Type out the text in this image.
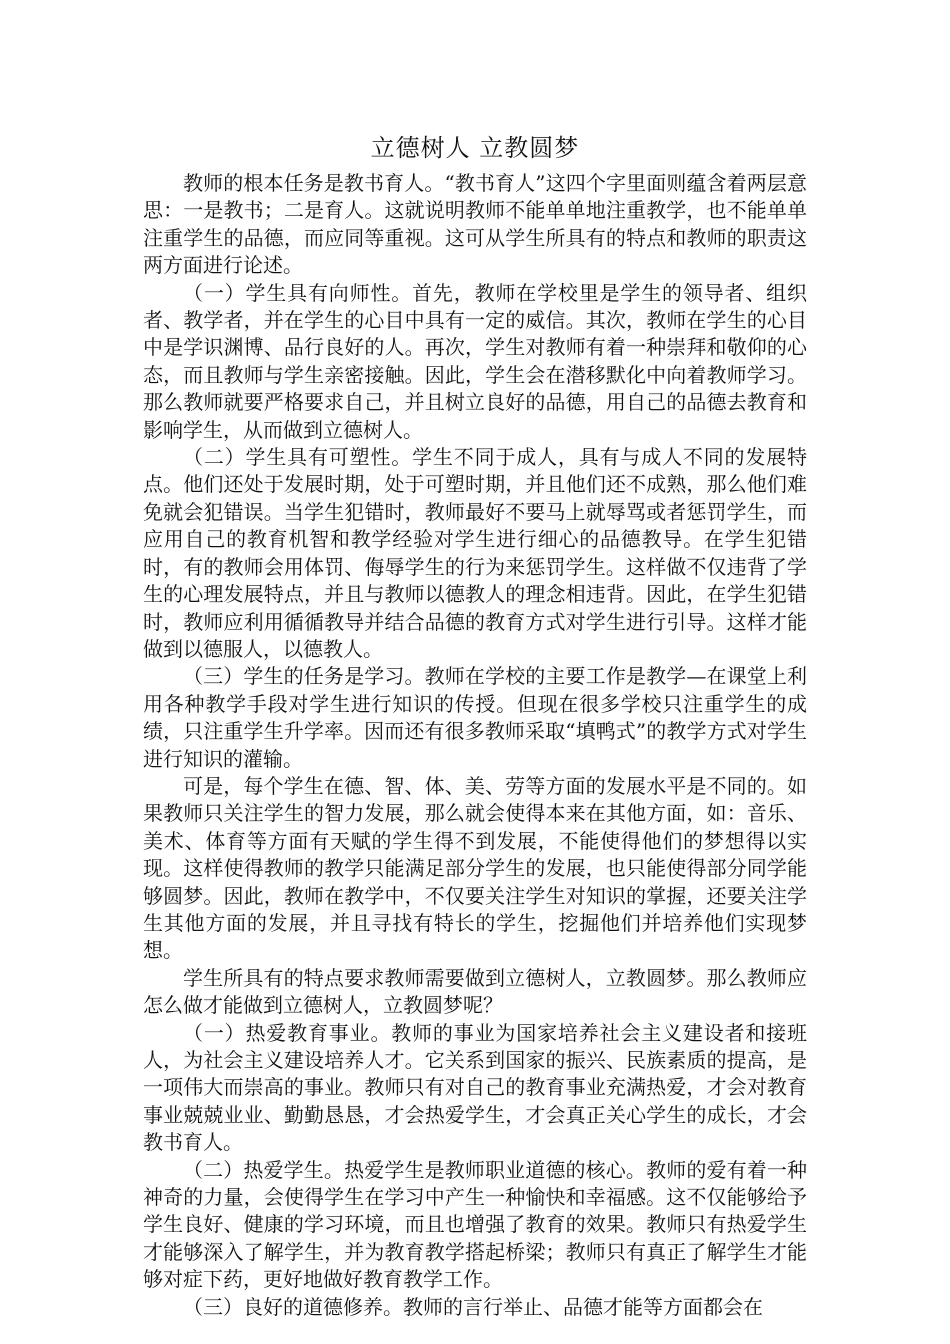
立德树人 立教圆梦

教师的根本任务是教书育人。“教书育人”这四个字里面则蕴含着两层意思：一是教书；二是育人。这就说明教师不能单单地注重教学，也不能单单注重学生的品德，而应同等重视。这可从学生所具有的特点和教师的职责这两方面进行论述。

（一）学生具有向师性。首先，教师在学校里是学生的领导者、组织者、教学者，并在学生的心目中具有一定的威信。其次，教师在学生的心目中是学识渊博、品行良好的人。再次，学生对教师有着一种崇拜和敬仰的心态，而且教师与学生亲密接触。因此，学生会在潜移默化中向着教师学习。那么教师就要严格要求自己，并且树立良好的品德，用自己的品德去教育和影响学生，从而做到立德树人。

（二）学生具有可塑性。学生不同于成人，具有与成人不同的发展特点。他们还处于发展时期，处于可塑时期，并且他们还不成熟，那么他们难免就会犯错误。当学生犯错时，教师最好不要马上就辱骂或者惩罚学生，而应用自己的教育机智和教学经验对学生进行细心的品德教导。在学生犯错时，有的教师会用体罚、侮辱学生的行为来惩罚学生。这样做不仅违背了学生的心理发展特点，并且与教师以德教人的理念相违背。因此，在学生犯错时，教师应利用循循教导并结合品德的教育方式对学生进行引导。这样才能做到以德服人，以德教人。

（三）学生的任务是学习。教师在学校的主要工作是教学—在课堂上利用各种教学手段对学生进行知识的传授。但现在很多学校只注重学生的成绩，只注重学生升学率。因而还有很多教师采取“填鸭式”的教学方式对学生进行知识的灌输。

可是，每个学生在德、智、体、美、劳等方面的发展水平是不同的。如果教师只关注学生的智力发展，那么就会使得本来在其他方面，如：音乐、美术、体育等方面有天赋的学生得不到发展，不能使得他们的梦想得以实现。这样使得教师的教学只能满足部分学生的发展，也只能使得部分同学能够圆梦。因此，教师在教学中，不仅要关注学生对知识的掌握，还要关注学生其他方面的发展，并且寻找有特长的学生，挖掘他们并培养他们实现梦想。

学生所具有的特点要求教师需要做到立德树人，立教圆梦。那么教师应怎么做才能做到立德树人，立教圆梦呢？

（一）热爱教育事业。教师的事业为国家培养社会主义建设者和接班人，为社会主义建设培养人才。它关系到国家的振兴、民族素质的提高，是一项伟大而崇高的事业。教师只有对自己的教育事业充满热爱，才会对教育事业兢兢业业、勤勤恳恳，才会热爱学生，才会真正关心学生的成长，才会教书育人。

（二）热爱学生。热爱学生是教师职业道德的核心。教师的爱有着一种神奇的力量，会使得学生在学习中产生一种愉快和幸福感。这不仅能够给予学生良好、健康的学习环境，而且也增强了教育的效果。教师只有热爱学生才能够深入了解学生，并为教育教学搭起桥梁；教师只有真正了解学生才能够对症下药，更好地做好教育教学工作。

（三）良好的道德修养。教师的言行举止、品德才能等方面都会在
